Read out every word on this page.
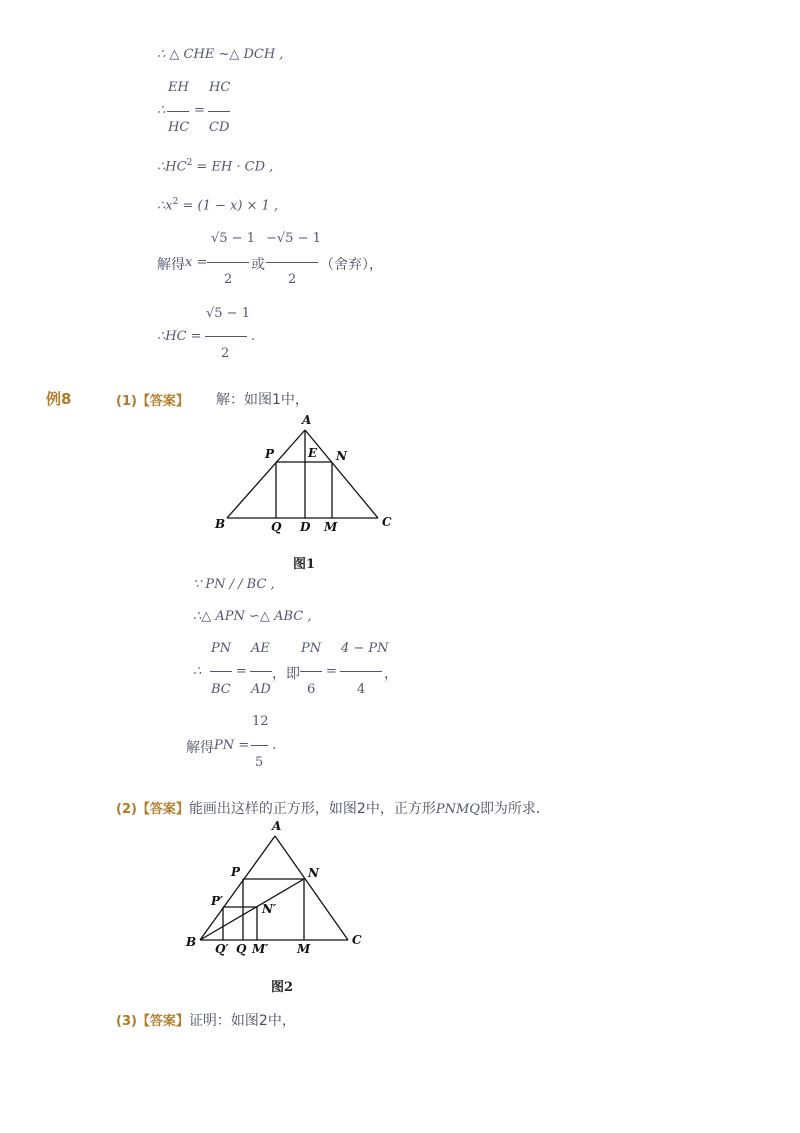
∴ △ CHE ~△ DCH ,
∴
EH
HC
=
HC
CD
$\therefore HC^2$ = EH · CD ,
$\therefore x^2 = (1 - x) \times 1$ ,
解得 x =
√5 − 1
2
或
−√5 − 1
2
（舍弃），
∴HC =
√5 − 1
2
.
例8	(1)【答案】 解：如图1中，
A
P	E N
B	Q D M	C
图1
∵ PN / / BC ,
∴△ APN ∽△ ABC ,
∴
PN
BC
=
AE
AD
，即
PN
6
=
4 − PN
4
，
解得 PN =
12
5
.
(2)【答案】能画出这样的正方形，如图2中，正方形PNMQ即为所求．
A
P	N
P′
N′
B Q′ Q M′ M
C
图2
(3)【答案】证明：如图2中，
